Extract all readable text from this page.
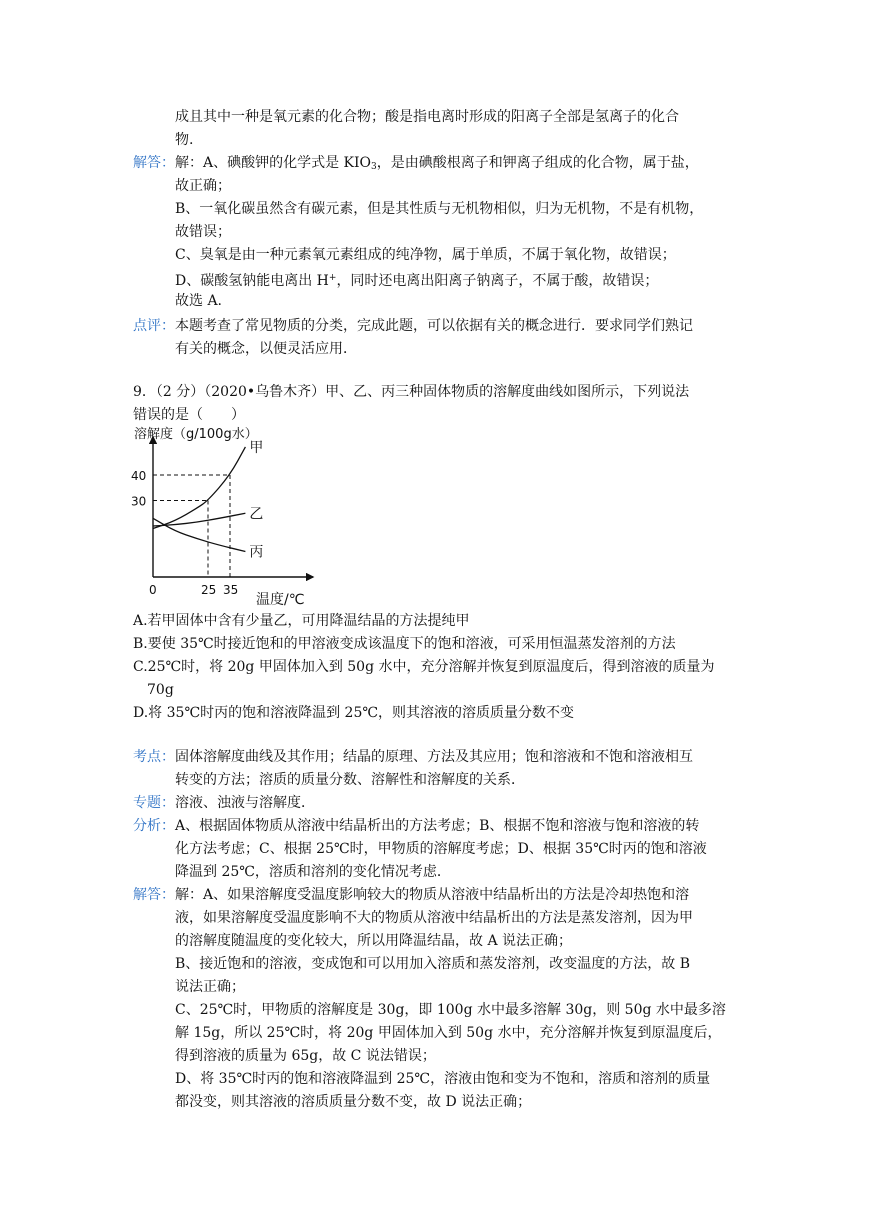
成且其中一种是氧元素的化合物；酸是指电离时形成的阳离子全部是氢离子的化合
物.
解答： 解：A、碘酸钾的化学式是 $KIO_3$，是由碘酸根离子和钾离子组成的化合物，属于盐，
故正确；
B、一氧化碳虽然含有碳元素，但是其性质与无机物相似，归为无机物，不是有机物，
故错误；
C、臭氧是由一种元素氧元素组成的纯净物，属于单质，不属于氧化物，故错误；
D、碳酸氢钠能电离出 H+，同时还电离出阳离子钠离子，不属于酸，故错误；
故选 A.
点评： 本题考查了常见物质的分类，完成此题，可以依据有关的概念进行．要求同学们熟记
有关的概念，以便灵活应用．
9．（2 分）（2020•乌鲁木齐）甲、乙、丙三种固体物质的溶解度曲线如图所示，下列说法
错误的是（　　）
溶解度（g/100g水）
甲
乙
丙
30
40
25 35
0
温度/℃
A.若甲固体中含有少量乙，可用降温结晶的方法提纯甲
B.要使 35℃时接近饱和的甲溶液变成该温度下的饱和溶液，可采用恒温蒸发溶剂的方法
C.25℃时，将 20g 甲固体加入到 50g 水中，充分溶解并恢复到原温度后，得到溶液的质量为
70g
D.将 35℃时丙的饱和溶液降温到 25℃，则其溶液的溶质质量分数不变
考点： 固体溶解度曲线及其作用；结晶的原理、方法及其应用；饱和溶液和不饱和溶液相互
转变的方法；溶质的质量分数、溶解性和溶解度的关系．
专题： 溶液、浊液与溶解度．
分析： A、根据固体物质从溶液中结晶析出的方法考虑；B、根据不饱和溶液与饱和溶液的转
化方法考虑；C、根据 25℃时，甲物质的溶解度考虑；D、根据 35℃时丙的饱和溶液
降温到 25℃，溶质和溶剂的变化情况考虑．
解答： 解：A、如果溶解度受温度影响较大的物质从溶液中结晶析出的方法是冷却热饱和溶
液，如果溶解度受温度影响不大的物质从溶液中结晶析出的方法是蒸发溶剂，因为甲
的溶解度随温度的变化较大，所以用降温结晶，故 A 说法正确；
B、接近饱和的溶液，变成饱和可以用加入溶质和蒸发溶剂，改变温度的方法，故 B
说法正确；
C、25℃时，甲物质的溶解度是 30g，即 100g 水中最多溶解 30g，则 50g 水中最多溶
解 15g，所以 25℃时，将 20g 甲固体加入到 50g 水中，充分溶解并恢复到原温度后，
得到溶液的质量为 65g，故 C 说法错误；
D、将 35℃时丙的饱和溶液降温到 25℃，溶液由饱和变为不饱和，溶质和溶剂的质量
都没变，则其溶液的溶质质量分数不变，故 D 说法正确；
